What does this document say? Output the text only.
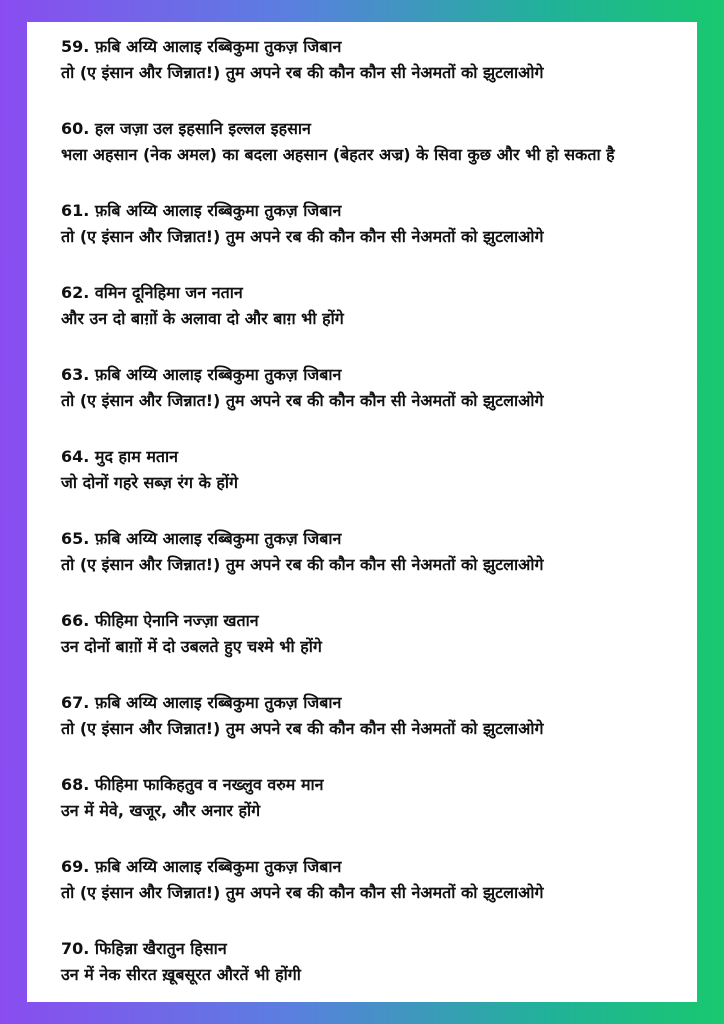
59. फ़बि अय्यि आलाइ रब्बिकुमा तुकज़ जिबान

तो (ए इंसान और जिन्नात!) तुम अपने रब की कौन कौन सी नेअमतों को झुटलाओगे

60. हल जज़ा उल इहसानि इल्लल इहसान

भला अहसान (नेक अमल) का बदला अहसान (बेहतर अज्र) के सिवा कुछ और भी हो सकता है

61. फ़बि अय्यि आलाइ रब्बिकुमा तुकज़ जिबान

तो (ए इंसान और जिन्नात!) तुम अपने रब की कौन कौन सी नेअमतों को झुटलाओगे

62. वमिन दूनिहिमा जन नतान

और उन दो बाग़ों के अलावा दो और बाग़ भी होंगे

63. फ़बि अय्यि आलाइ रब्बिकुमा तुकज़ जिबान

तो (ए इंसान और जिन्नात!) तुम अपने रब की कौन कौन सी नेअमतों को झुटलाओगे

64. मुद हाम मतान

जो दोनों गहरे सब्ज़ रंग के होंगे

65. फ़बि अय्यि आलाइ रब्बिकुमा तुकज़ जिबान

तो (ए इंसान और जिन्नात!) तुम अपने रब की कौन कौन सी नेअमतों को झुटलाओगे

66. फीहिमा ऐनानि नज्ज़ा खतान

उन दोनों बाग़ों में दो उबलते हुए चश्मे भी होंगे

67. फ़बि अय्यि आलाइ रब्बिकुमा तुकज़ जिबान

तो (ए इंसान और जिन्नात!) तुम अपने रब की कौन कौन सी नेअमतों को झुटलाओगे

68. फीहिमा फाकिहतुव व नख्लुव वरुम मान

उन में मेवे, खजूर, और अनार होंगे

69. फ़बि अय्यि आलाइ रब्बिकुमा तुकज़ जिबान

तो (ए इंसान और जिन्नात!) तुम अपने रब की कौन कौन सी नेअमतों को झुटलाओगे

70. फिहिन्ना खैरातुन हिसान

उन में नेक सीरत ख़ूबसूरत औरतें भी होंगी
